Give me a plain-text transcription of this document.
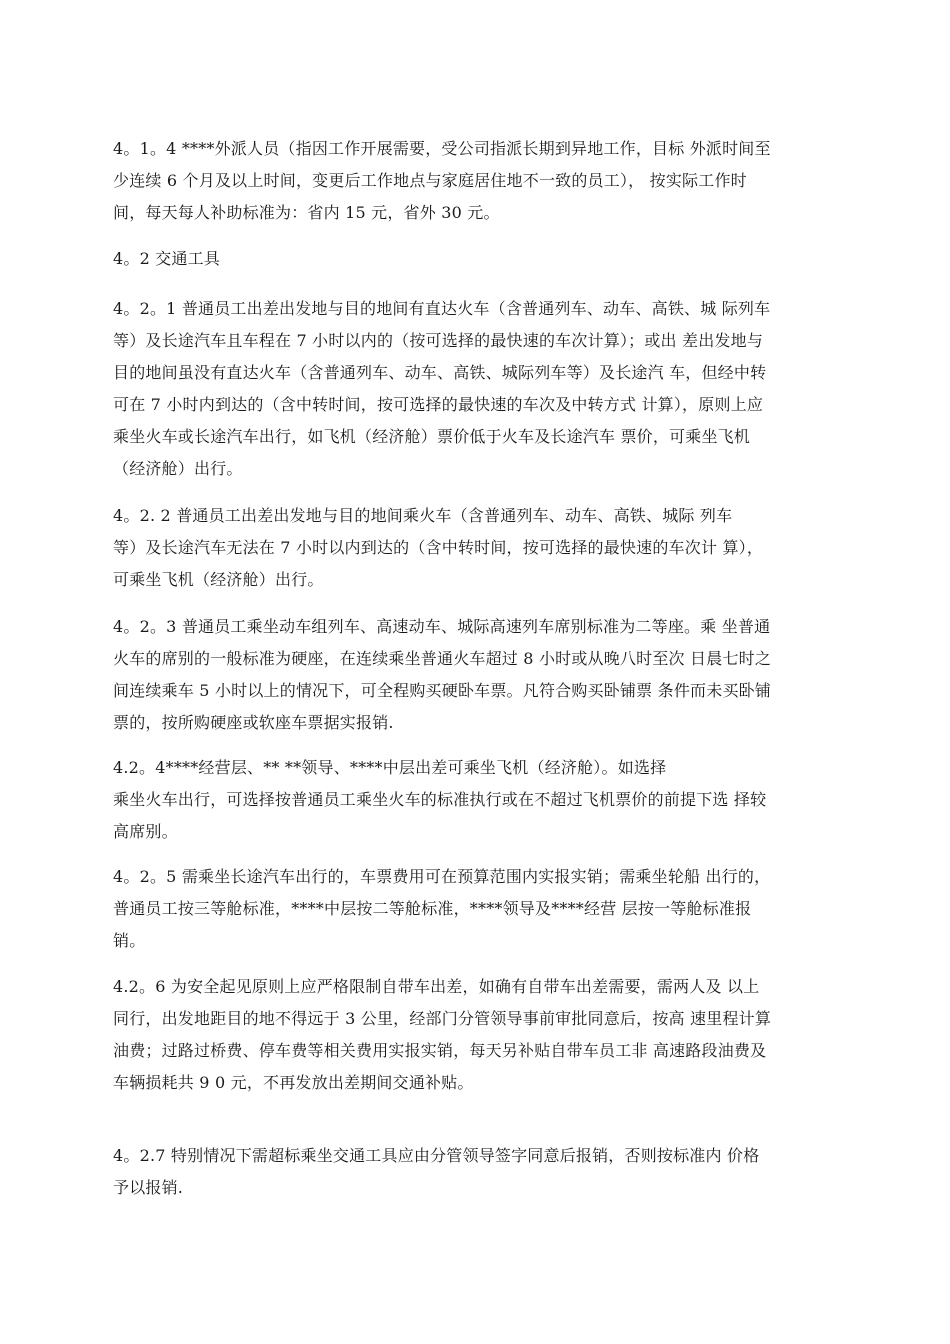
4。1。4 ****外派人员（指因工作开展需要，受公司指派长期到异地工作，目标 外派时间至
少连续 6 个月及以上时间，变更后工作地点与家庭居住地不一致的员工）， 按实际工作时
间，每天每人补助标准为：省内 15 元，省外 30 元。
4。2 交通工具
4。2。1 普通员工出差出发地与目的地间有直达火车（含普通列车、动车、高铁、城 际列车
等）及长途汽车且车程在 7 小时以内的（按可选择的最快速的车次计算）；或出 差出发地与
目的地间虽没有直达火车（含普通列车、动车、高铁、城际列车等）及长途汽 车，但经中转
可在 7 小时内到达的（含中转时间，按可选择的最快速的车次及中转方式 计算），原则上应
乘坐火车或长途汽车出行，如飞机（经济舱）票价低于火车及长途汽车 票价，可乘坐飞机
（经济舱）出行。
4。2. 2 普通员工出差出发地与目的地间乘火车（含普通列车、动车、高铁、城际 列车
等）及长途汽车无法在 7 小时以内到达的（含中转时间，按可选择的最快速的车次计 算），
可乘坐飞机（经济舱）出行。
4。2。3 普通员工乘坐动车组列车、高速动车、城际高速列车席别标准为二等座。乘 坐普通
火车的席别的一般标准为硬座，在连续乘坐普通火车超过 8 小时或从晚八时至次 日晨七时之
间连续乘车 5 小时以上的情况下，可全程购买硬卧车票。凡符合购买卧铺票 条件而未买卧铺
票的，按所购硬座或软座车票据实报销.
4.2。4****经营层、** **领导、****中层出差可乘坐飞机（经济舱）。如选择
乘坐火车出行，可选择按普通员工乘坐火车的标准执行或在不超过飞机票价的前提下选 择较
高席别。
4。2。5 需乘坐长途汽车出行的，车票费用可在预算范围内实报实销；需乘坐轮船 出行的，
普通员工按三等舱标准，****中层按二等舱标准，****领导及****经营 层按一等舱标准报
销。
4.2。6 为安全起见原则上应严格限制自带车出差，如确有自带车出差需要，需两人及 以上
同行，出发地距目的地不得远于 3 公里，经部门分管领导事前审批同意后，按高 速里程计算
油费；过路过桥费、停车费等相关费用实报实销，每天另补贴自带车员工非 高速路段油费及
车辆损耗共 9 0 元，不再发放出差期间交通补贴。
4。2.7 特别情况下需超标乘坐交通工具应由分管领导签字同意后报销，否则按标准内 价格
予以报销.
